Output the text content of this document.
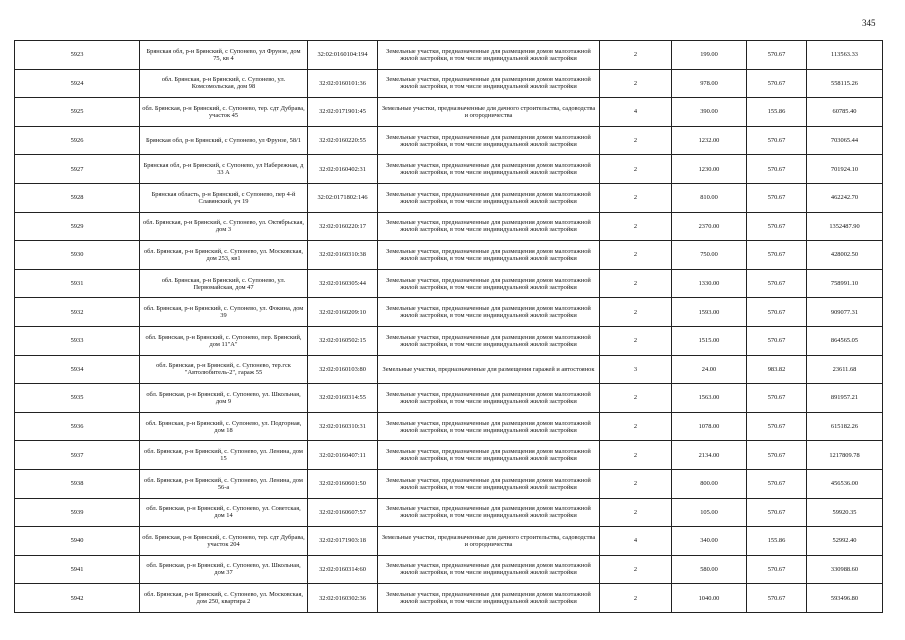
345
5923	Брянская обл, р-н Брянский, с Супонево, ул Фрунзе, дом 75, кв 4	32:02:0160104:194	Земельные участки, предназначенные для размещения домов малоэтажной жилой застройки, в том числе индивидуальной жилой застройки	2	199.00	570.67	113563.33
5924	обл. Брянская, р-н Брянский, с. Супонево, ул. Комсомольская, дом 98	32:02:0160101:36	Земельные участки, предназначенные для размещения домов малоэтажной жилой застройки, в том числе индивидуальной жилой застройки	2	978.00	570.67	558115.26
5925	обл. Брянская, р-н Брянский, с. Супонево, тер. сдт Дубрава, участок 45	32:02:0171901:45	Земельные участки, предназначенные для дачного строительства, садоводства и огородничества	4	390.00	155.86	60785.40
5926	Брянская обл, р-н Брянский, с Супонево, ул Фрунзе, 58/1	32:02:0160220:55	Земельные участки, предназначенные для размещения домов малоэтажной жилой застройки, в том числе индивидуальной жилой застройки	2	1232.00	570.67	703065.44
5927	Брянская обл, р-н Брянский, с Супонево, ул Набережная, д 33 А	32:02:0160402:31	Земельные участки, предназначенные для размещения домов малоэтажной жилой застройки, в том числе индивидуальной жилой застройки	2	1230.00	570.67	701924.10
5928	Брянская область, р-н Брянский, с Супонево, пер 4-й Славянский, уч 19	32:02:0171802:146	Земельные участки, предназначенные для размещения домов малоэтажной жилой застройки, в том числе индивидуальной жилой застройки	2	810.00	570.67	462242.70
5929	обл. Брянская, р-н Брянский, с. Супонево, ул. Октябрьская, дом 3	32:02:0160220:17	Земельные участки, предназначенные для размещения домов малоэтажной жилой застройки, в том числе индивидуальной жилой застройки	2	2370.00	570.67	1352487.90
5930	обл. Брянская, р-н Брянский, с. Супонево, ул. Московская, дом 253, кв1	32:02:0160310:38	Земельные участки, предназначенные для размещения домов малоэтажной жилой застройки, в том числе индивидуальной жилой застройки	2	750.00	570.67	428002.50
5931	обл. Брянская, р-н Брянский, с. Супонево, ул. Первомайская, дом 47	32:02:0160305:44	Земельные участки, предназначенные для размещения домов малоэтажной жилой застройки, в том числе индивидуальной жилой застройки	2	1330.00	570.67	758991.10
5932	обл. Брянская, р-н Брянский, с. Супонево, ул. Фокина, дом 39	32:02:0160209:10	Земельные участки, предназначенные для размещения домов малоэтажной жилой застройки, в том числе индивидуальной жилой застройки	2	1593.00	570.67	909077.31
5933	обл. Брянская, р-н Брянский, с. Супонево, пер. Брянский, дом 11"А"	32:02:0160502:15	Земельные участки, предназначенные для размещения домов малоэтажной жилой застройки, в том числе индивидуальной жилой застройки	2	1515.00	570.67	864565.05
5934	обл. Брянская, р-н Брянский, с. Супонево, тер.гск "Автолюбитель-2", гараж 55	32:02:0160103:80	Земельные участки, предназначенные для размещения гаражей и автостоянок	3	24.00	983.82	23611.68
5935	обл. Брянская, р-н Брянский, с. Супонево, ул. Школьная, дом 9	32:02:0160314:55	Земельные участки, предназначенные для размещения домов малоэтажной жилой застройки, в том числе индивидуальной жилой застройки	2	1563.00	570.67	891957.21
5936	обл. Брянская, р-н Брянский, с. Супонево, ул. Подгорная, дом 18	32:02:0160310:31	Земельные участки, предназначенные для размещения домов малоэтажной жилой застройки, в том числе индивидуальной жилой застройки	2	1078.00	570.67	615182.26
5937	обл. Брянская, р-н Брянский, с. Супонево, ул. Ленина, дом 15	32:02:0160407:11	Земельные участки, предназначенные для размещения домов малоэтажной жилой застройки, в том числе индивидуальной жилой застройки	2	2134.00	570.67	1217809.78
5938	обл. Брянская, р-н Брянский, с. Супонево, ул. Ленина, дом 56-а	32:02:0160601:50	Земельные участки, предназначенные для размещения домов малоэтажной жилой застройки, в том числе индивидуальной жилой застройки	2	800.00	570.67	456536.00
5939	обл. Брянская, р-н Брянский, с. Супонево, ул. Советская, дом 14	32:02:0160607:57	Земельные участки, предназначенные для размещения домов малоэтажной жилой застройки, в том числе индивидуальной жилой застройки	2	105.00	570.67	59920.35
5940	обл. Брянская, р-н Брянский, с. Супонево, тер. сдт Дубрава, участок 204	32:02:0171903:18	Земельные участки, предназначенные для дачного строительства, садоводства и огородничества	4	340.00	155.86	52992.40
5941	обл. Брянская, р-н Брянский, с. Супонево, ул. Школьная, дом 37	32:02:0160314:60	Земельные участки, предназначенные для размещения домов малоэтажной жилой застройки, в том числе индивидуальной жилой застройки	2	580.00	570.67	330988.60
5942	обл. Брянская, р-н Брянский, с. Супонево, ул. Московская, дом 250, квартира 2	32:02:0160302:36	Земельные участки, предназначенные для размещения домов малоэтажной жилой застройки, в том числе индивидуальной жилой застройки	2	1040.00	570.67	593496.80
